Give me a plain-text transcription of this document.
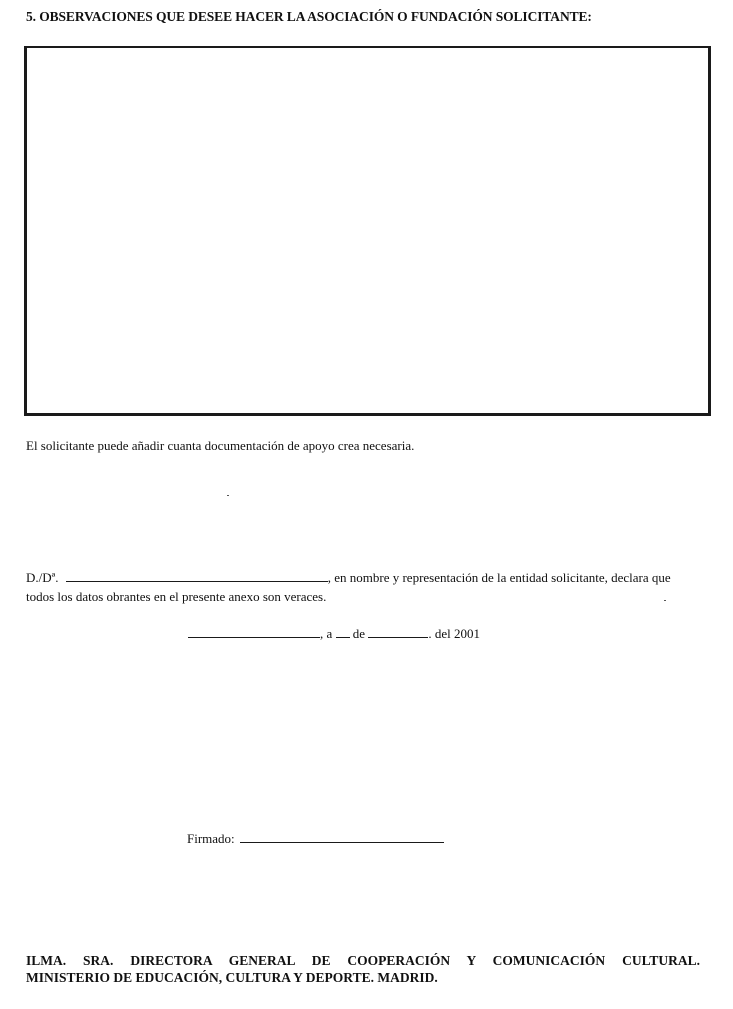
5. OBSERVACIONES QUE DESEE HACER LA ASOCIACIÓN O FUNDACIÓN SOLICITANTE:
El solicitante puede añadir cuanta documentación de apoyo crea necesaria.
D./Dª.	, en nombre y representación de la entidad solicitante, declara que
todos los datos obrantes en el presente anexo son veraces.
, a de	. del 2001
Firmado:
ILMA. SRA. DIRECTORA GENERAL DE COOPERACIÓN Y COMUNICACIÓN CULTURAL.
MINISTERIO DE EDUCACIÓN, CULTURA Y DEPORTE. MADRID.
